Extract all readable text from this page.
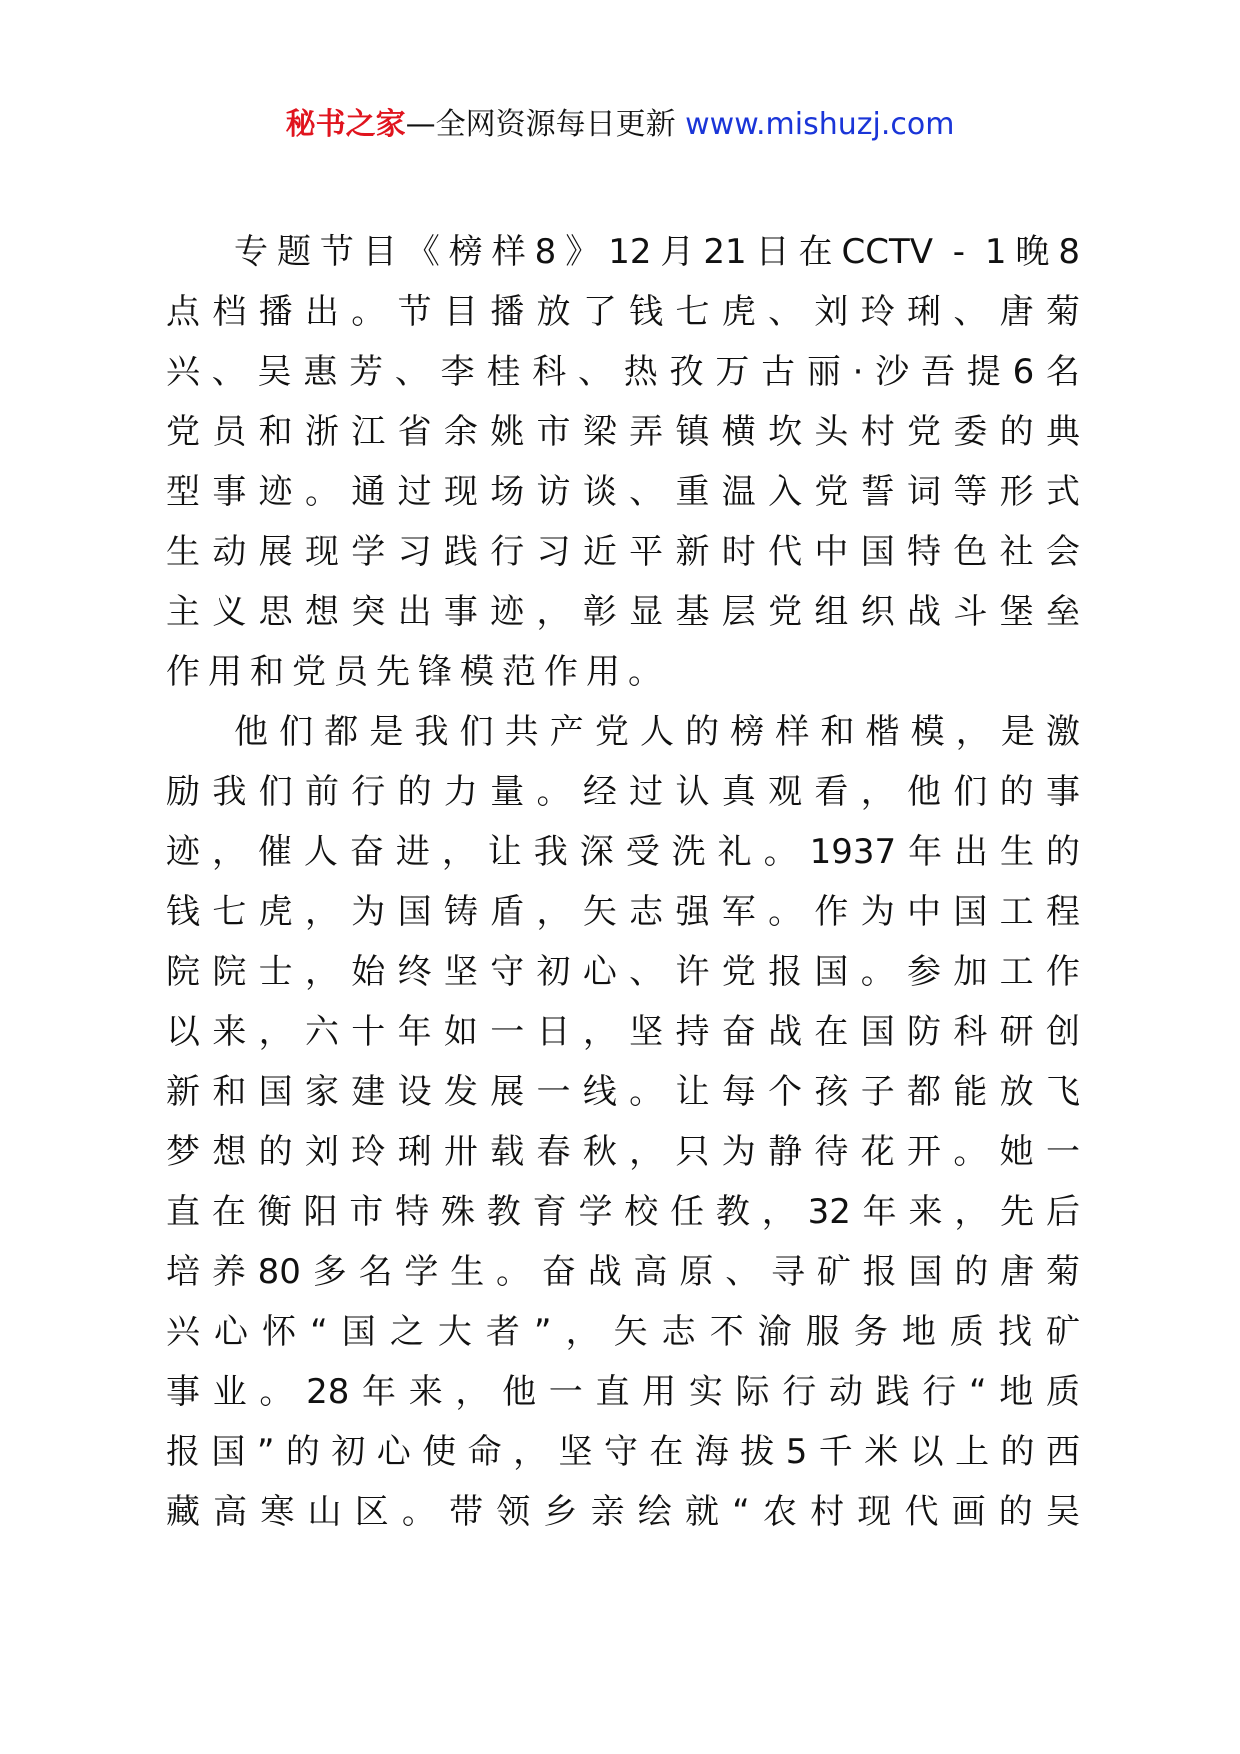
秘书之家—全网资源每日更新 www.mishuzj.com
专题节目《榜样8》12月21日在CCTV - 1晚8
点档播出。节目播放了钱七虎、刘玲琍、唐菊
兴、吴惠芳、李桂科、热孜万古丽·沙吾提6名
党员和浙江省余姚市梁弄镇横坎头村党委的典
型事迹。通过现场访谈、重温入党誓词等形式
生动展现学习践行习近平新时代中国特色社会
主义思想突出事迹，彰显基层党组织战斗堡垒
作用和党员先锋模范作用。
他们都是我们共产党人的榜样和楷模，是激
励我们前行的力量。经过认真观看，他们的事
迹，催人奋进，让我深受洗礼。1937年出生的
钱七虎，为国铸盾，矢志强军。作为中国工程
院院士，始终坚守初心、许党报国。参加工作
以来，六十年如一日，坚持奋战在国防科研创
新和国家建设发展一线。让每个孩子都能放飞
梦想的刘玲琍卅载春秋，只为静待花开。她一
直在衡阳市特殊教育学校任教，32年来，先后
培养80多名学生。奋战高原、寻矿报国的唐菊
兴心怀“国之大者”，矢志不渝服务地质找矿
事业。28年来，他一直用实际行动践行“地质
报国”的初心使命，坚守在海拔5千米以上的西
藏高寒山区。带领乡亲绘就“农村现代画的吴
